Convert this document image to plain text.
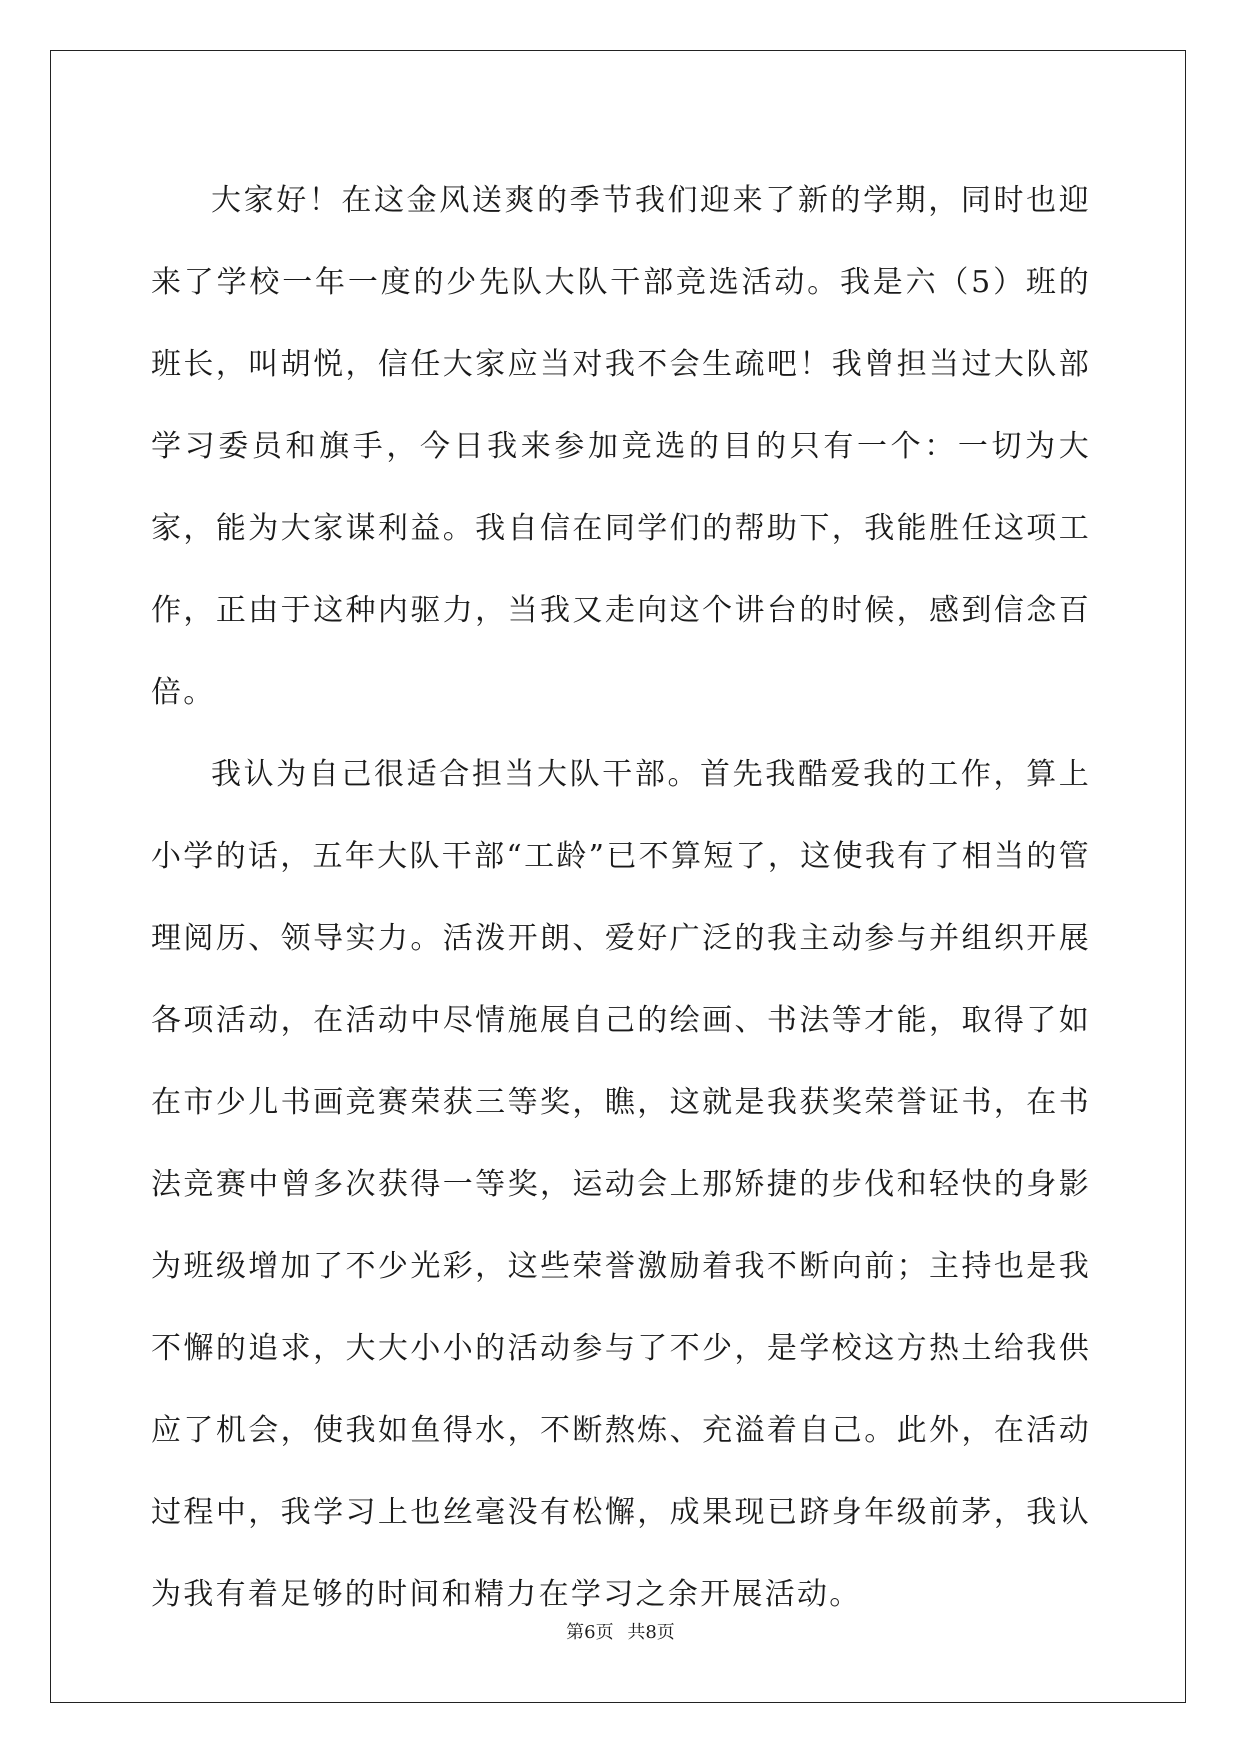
大家好！在这金风送爽的季节我们迎来了新的学期，同时也迎来了学校一年一度的少先队大队干部竞选活动。我是六（5）班的班长，叫胡悦，信任大家应当对我不会生疏吧！我曾担当过大队部学习委员和旗手，今日我来参加竞选的目的只有一个：一切为大家，能为大家谋利益。我自信在同学们的帮助下，我能胜任这项工作，正由于这种内驱力，当我又走向这个讲台的时候，感到信念百倍。

我认为自己很适合担当大队干部。首先我酷爱我的工作，算上小学的话，五年大队干部“工龄”已不算短了，这使我有了相当的管理阅历、领导实力。活泼开朗、爱好广泛的我主动参与并组织开展各项活动，在活动中尽情施展自己的绘画、书法等才能，取得了如在市少儿书画竞赛荣获三等奖，瞧，这就是我获奖荣誉证书，在书法竞赛中曾多次获得一等奖，运动会上那矫捷的步伐和轻快的身影为班级增加了不少光彩，这些荣誉激励着我不断向前；主持也是我不懈的追求，大大小小的活动参与了不少，是学校这方热土给我供应了机会，使我如鱼得水，不断熬炼、充溢着自己。此外，在活动过程中，我学习上也丝毫没有松懈，成果现已跻身年级前茅，我认为我有着足够的时间和精力在学习之余开展活动。

第6页 共8页
